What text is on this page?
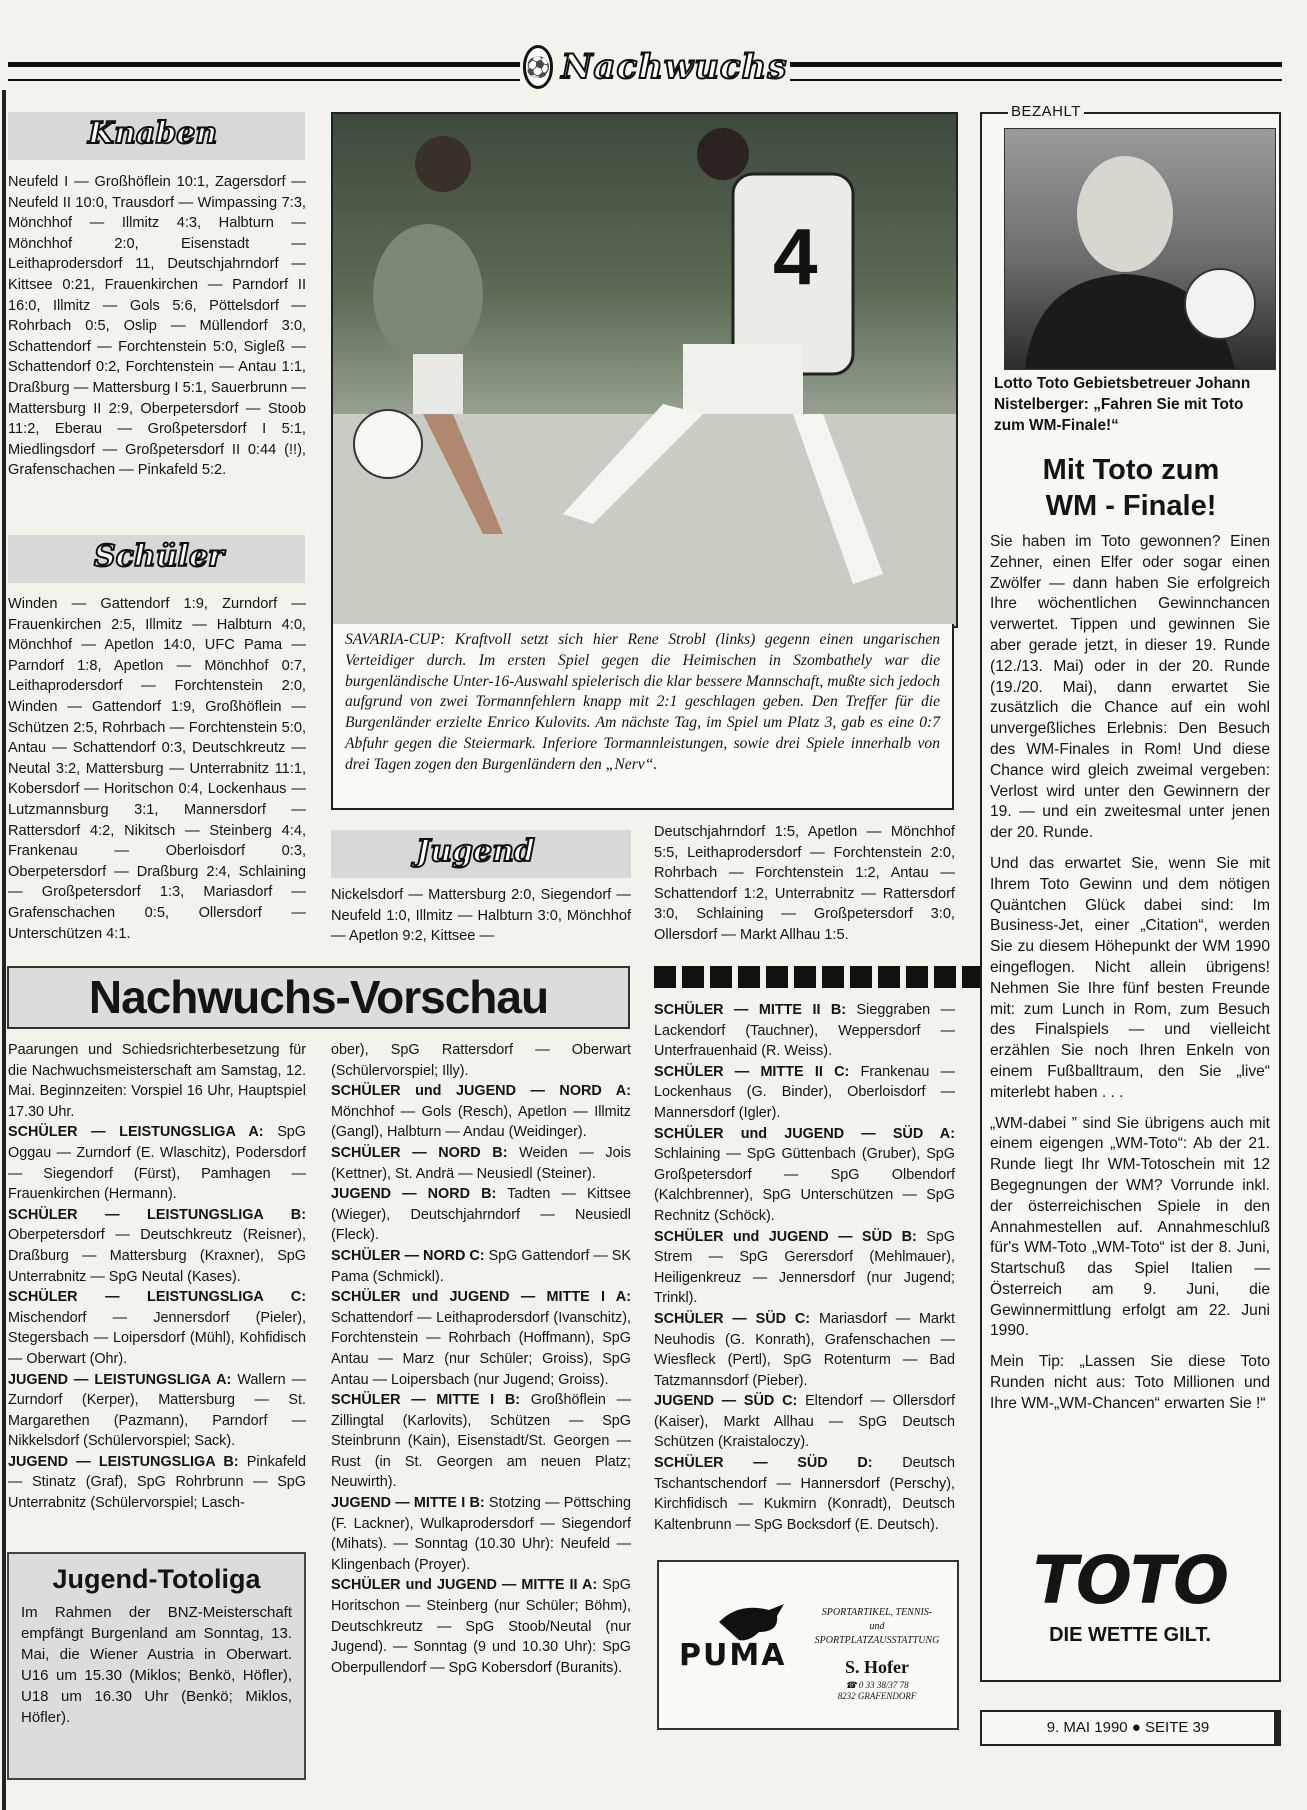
⚽ Nachwuchs
Knaben

Neufeld I — Großhöflein 10:1, Zagersdorf — Neufeld II 10:0, Trausdorf — Wimpassing 7:3, Mönchhof — Illmitz 4:3, Halbturn — Mönchhof 2:0, Eisenstadt — Leithaprodersdorf 11, Deutschjahrndorf — Kittsee 0:21, Frauenkirchen — Parndorf II 16:0, Illmitz — Gols 5:6, Pöttelsdorf — Rohrbach 0:5, Oslip — Müllendorf 3:0, Schattendorf — Forchtenstein 5:0, Siglеß — Schattendorf 0:2, Forchtenstein — Antau 1:1, Draßburg — Mattersburg I 5:1, Sauerbrunn — Mattersburg II 2:9, Oberpetersdorf — Stoob 11:2, Eberau — Großpetersdorf I 5:1, Miedlingsdorf — Großpetersdorf II 0:44 (!!), Grafenschachen — Pinkafeld 5:2.

Schüler

Winden — Gattendorf 1:9, Zurndorf — Frauenkirchen 2:5, Illmitz — Halbturn 4:0, Mönchhof — Apetlon 14:0, UFC Pama — Parndorf 1:8, Apetlon — Mönchhof 0:7, Leithaprodersdorf — Forchtenstein 2:0, Winden — Gattendorf 1:9, Großhöflein — Schützen 2:5, Rohrbach — Forchtenstein 5:0, Antau — Schattendorf 0:3, Deutschkreutz — Neutal 3:2, Mattersburg — Unterrabnitz 11:1, Kobersdorf — Horitschon 0:4, Lockenhaus — Lutzmannsburg 3:1, Mannersdorf — Rattersdorf 4:2, Nikitsch — Steinberg 4:4, Frankenau — Oberloisdorf 0:3, Oberpetersdorf — Draßburg 2:4, Schlaining — Großpetersdorf 1:3, Mariasdorf — Grafenschachen 0:5, Ollersdorf — Unterschützen 4:1.

4
SAVARIA-CUP: Kraftvoll setzt sich hier Rene Strobl (links) gegenn einen ungarischen Verteidiger durch. Im ersten Spiel gegen die Heimischen in Szombathely war die burgenländische Unter-16-Auswahl spielerisch die klar bessere Mannschaft, mußte sich jedoch aufgrund von zwei Tormannfehlern knapp mit 2:1 geschlagen geben. Den Treffer für die Burgenländer erzielte Enrico Kulovits. Am nächste Tag, im Spiel um Platz 3, gab es eine 0:7 Abfuhr gegen die Steiermark. Inferiore Tormannleistungen, sowie drei Spiele innerhalb von drei Tagen zogen den Burgenländern den „Nerv“.
Jugend

Nickelsdorf — Mattersburg 2:0, Siegendorf — Neufeld 1:0, Illmitz — Halbturn 3:0, Mönchhof — Apetlon 9:2, Kittsee —

Deutschjahrndorf 1:5, Apetlon — Mönchhof 5:5, Leithaprodersdorf — Forchtenstein 2:0, Rohrbach — Forchtenstein 1:2, Antau — Schattendorf 1:2, Unterrabnitz — Rattersdorf 3:0, Schlaining — Großpetersdorf 3:0, Ollersdorf — Markt Allhau 1:5.

Nachwuchs-Vorschau

Paarungen und Schiedsrichterbesetzung für die Nachwuchsmeisterschaft am Samstag, 12. Mai. Beginnzeiten: Vorspiel 16 Uhr, Hauptspiel 17.30 Uhr.

SCHÜLER — LEISTUNGSLIGA A: SpG Oggau — Zurndorf (E. Wlaschitz), Podersdorf — Siegendorf (Fürst), Pamhagen — Frauenkirchen (Hermann).

SCHÜLER — LEISTUNGSLIGA B: Oberpetersdorf — Deutschkreutz (Reisner), Draßburg — Mattersburg (Kraxner), SpG Unterrabnitz — SpG Neutal (Kases).

SCHÜLER — LEISTUNGSLIGA C: Mischendorf — Jennersdorf (Pieler), Stegersbach — Loipersdorf (Mühl), Kohfidisch — Oberwart (Ohr).

JUGEND — LEISTUNGSLIGA A: Wallern — Zurndorf (Kerper), Mattersburg — St. Margarethen (Pazmann), Parndorf — Nikkelsdorf (Schülervorspiel; Sack).

JUGEND — LEISTUNGSLIGA B: Pinkafeld — Stinatz (Graf), SpG Rohrbrunn — SpG Unterrabnitz (Schülervorspiel; Lasch-

ober), SpG Rattersdorf — Oberwart (Schülervorspiel; Illy).

SCHÜLER und JUGEND — NORD A: Mönchhof — Gols (Resch), Apetlon — Illmitz (Gangl), Halbturn — Andau (Weidinger).

SCHÜLER — NORD B: Weiden — Jois (Kettner), St. Andrä — Neusiedl (Steiner).

JUGEND — NORD B: Tadten — Kittsee (Wieger), Deutschjahrndorf — Neusiedl (Fleck).

SCHÜLER — NORD C: SpG Gattendorf — SK Pama (Schmickl).

SCHÜLER und JUGEND — MITTE I A: Schattendorf — Leithaprodersdorf (Ivanschitz), Forchtenstein — Rohrbach (Hoffmann), SpG Antau — Marz (nur Schüler; Groiss), SpG Antau — Loipersbach (nur Jugend; Groiss).

SCHÜLER — MITTE I B: Großhöflein — Zillingtal (Karlovits), Schützen — SpG Steinbrunn (Kain), Eisenstadt/St. Georgen — Rust (in St. Georgen am neuen Platz; Neuwirth).

JUGEND — MITTE I B: Stotzing — Pöttsching (F. Lackner), Wulkaprodersdorf — Siegendorf (Mihats). — Sonntag (10.30 Uhr): Neufeld — Klingenbach (Proyer).

SCHÜLER und JUGEND — MITTE II A: SpG Horitschon — Steinberg (nur Schüler; Böhm), Deutschkreutz — SpG Stoob/Neutal (nur Jugend). — Sonntag (9 und 10.30 Uhr): SpG Oberpullendorf — SpG Kobersdorf (Buranits).

SCHÜLER — MITTE II B: Sieggraben — Lackendorf (Tauchner), Weppersdorf — Unterfrauenhaid (R. Weiss).

SCHÜLER — MITTE II C: Frankenau — Lockenhaus (G. Binder), Oberloisdorf — Mannersdorf (Igler).

SCHÜLER und JUGEND — SÜD A: Schlaining — SpG Güttenbach (Gruber), SpG Großpetersdorf — SpG Olbendorf (Kalchbrenner), SpG Unterschützen — SpG Rechnitz (Schöck).

SCHÜLER und JUGEND — SÜD B: SpG Strem — SpG Gerersdorf (Mehlmauer), Heiligenkreuz — Jennersdorf (nur Jugend; Trinkl).

SCHÜLER — SÜD C: Mariasdorf — Markt Neuhodis (G. Konrath), Grafenschachen — Wiesfleck (Pertl), SpG Rotenturm — Bad Tatzmannsdorf (Pieber).

JUGEND — SÜD C: Eltendorf — Ollersdorf (Kaiser), Markt Allhau — SpG Deutsch Schützen (Kraistaloczy).

SCHÜLER — SÜD D: Deutsch Tschantschendorf — Hannersdorf (Perschy), Kirchfidisch — Kukmirn (Konradt), Deutsch Kaltenbrunn — SpG Bocksdorf (E. Deutsch).

Jugend-Totoliga
Im Rahmen der BNZ-Meisterschaft empfängt Burgenland am Sonntag, 13. Mai, die Wiener Austria in Oberwart. U16 um 15.30 (Miklos; Benkö, Höfler), U18 um 16.30 Uhr (Benkö; Miklos, Höfler).
PUMA
SPORTARTIKEL, TENNIS-
und
SPORTPLATZAUSSTATTUNG
S. Hofer
☎ 0 33 38/37 78
8232 GRAFENDORF
BEZAHLT
Lotto Toto Gebietsbetreuer Johann Nistelberger: „Fahren Sie mit Toto zum WM-Finale!“
Mit Toto zum
WM - Finale!

Sie haben im Toto gewonnen? Einen Zehner, einen Elfer oder sogar einen Zwölfer — dann haben Sie erfolgreich Ihre wöchentlichen Gewinnchancen verwertet. Tippen und gewinnen Sie aber gerade jetzt, in dieser 19. Runde (12./13. Mai) oder in der 20. Runde (19./20. Mai), dann erwartet Sie zusätzlich die Chance auf ein wohl unvergeßliches Erlebnis: Den Besuch des WM-Finales in Rom! Und diese Chance wird gleich zweimal vergeben: Verlost wird unter den Gewinnern der 19. — und ein zweitesmal unter jenen der 20. Runde.

Und das erwartet Sie, wenn Sie mit Ihrem Toto Gewinn und dem nötigen Quäntchen Glück dabei sind: Im Business-Jet, einer „Citation“, werden Sie zu diesem Höhepunkt der WM 1990 eingeflogen. Nicht allein übrigens! Nehmen Sie Ihre fünf besten Freunde mit: zum Lunch in Rom, zum Besuch des Finalspiels — und vielleicht erzählen Sie noch Ihren Enkeln von einem Fußballtraum, den Sie „live“ miterlebt haben . . .

„WM-dabei ” sind Sie übrigens auch mit einem eigengen „WM-Toto“: Ab der 21. Runde liegt Ihr WM-Totoschein mit 12 Begegnungen der WM? Vorrunde inkl. der österreichischen Spiele in den Annahmestellen auf. Annahmeschluß für's WM-Toto „WM-Toto“ ist der 8. Juni, Startschuß das Spiel Italien — Österreich am 9. Juni, die Gewinnermittlung erfolgt am 22. Juni 1990.

Mein Tip: „Lassen Sie diese Toto Runden nicht aus: Toto Millionen und Ihre WM-„WM-Chancen“ erwarten Sie !“

TOTO
DIE WETTE GILT.
9. MAI 1990 ● SEITE 39
